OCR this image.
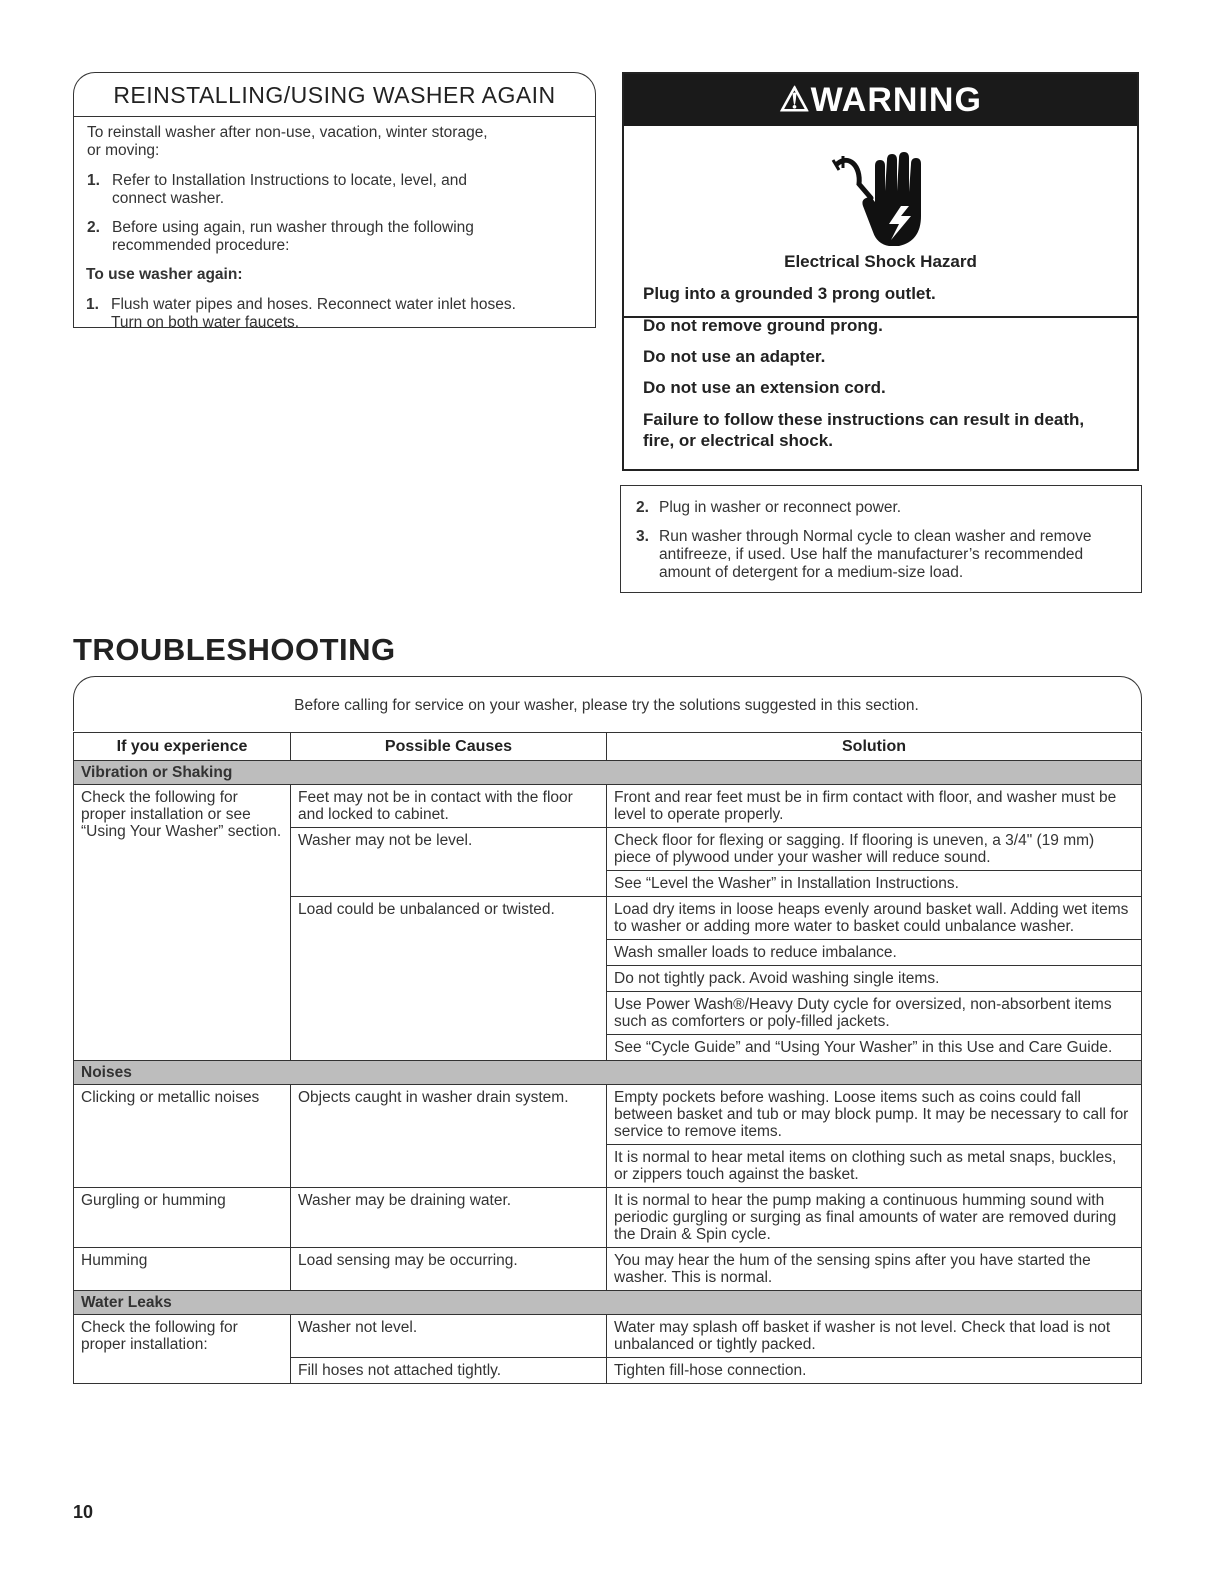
REINSTALLING/USING WASHER AGAIN
To reinstall washer after non-use, vacation, winter storage,
or moving:
1. Refer to Installation Instructions to locate, level, and
connect washer.
2. Before using again, run washer through the following
recommended procedure:
To use washer again:
1. Flush water pipes and hoses. Reconnect water inlet hoses.
Turn on both water faucets.
⚠WARNING
Electrical Shock Hazard
Plug into a grounded 3 prong outlet.
Do not remove ground prong.
Do not use an adapter.
Do not use an extension cord.
Failure to follow these instructions can result in death,
fire, or electrical shock.
2. Plug in washer or reconnect power.
3. Run washer through Normal cycle to clean washer and remove
antifreeze, if used. Use half the manufacturer’s recommended
amount of detergent for a medium-size load.
TROUBLESHOOTING
Before calling for service on your washer, please try the solutions suggested in this section.
If you experience	Possible Causes	Solution
Vibration or Shaking		
Check the following for proper installation or see “Using Your Washer” section.	Feet may not be in contact with the floor and locked to cabinet.	Front and rear feet must be in firm contact with floor, and washer must be level to operate properly.
	Washer may not be level.	Check floor for flexing or sagging. If flooring is uneven, a 3/4" (19 mm) piece of plywood under your washer will reduce sound.
		See “Level the Washer” in Installation Instructions.
	Load could be unbalanced or twisted.	Load dry items in loose heaps evenly around basket wall. Adding wet items to washer or adding more water to basket could unbalance washer.
		Wash smaller loads to reduce imbalance.
		Do not tightly pack. Avoid washing single items.
		Use Power Wash®/Heavy Duty cycle for oversized, non-absorbent items such as comforters or poly-filled jackets.
		See “Cycle Guide” and “Using Your Washer” in this Use and Care Guide.
Noises		
Clicking or metallic noises	Objects caught in washer drain system.	Empty pockets before washing. Loose items such as coins could fall between basket and tub or may block pump. It may be necessary to call for service to remove items.
		It is normal to hear metal items on clothing such as metal snaps, buckles, or zippers touch against the basket.
Gurgling or humming	Washer may be draining water.	It is normal to hear the pump making a continuous humming sound with periodic gurgling or surging as final amounts of water are removed during the Drain & Spin cycle.
Humming	Load sensing may be occurring.	You may hear the hum of the sensing spins after you have started the washer. This is normal.
Water Leaks		
Check the following for proper installation:	Washer not level.	Water may splash off basket if washer is not level. Check that load is not unbalanced or tightly packed.
	Fill hoses not attached tightly.	Tighten fill-hose connection.
10
